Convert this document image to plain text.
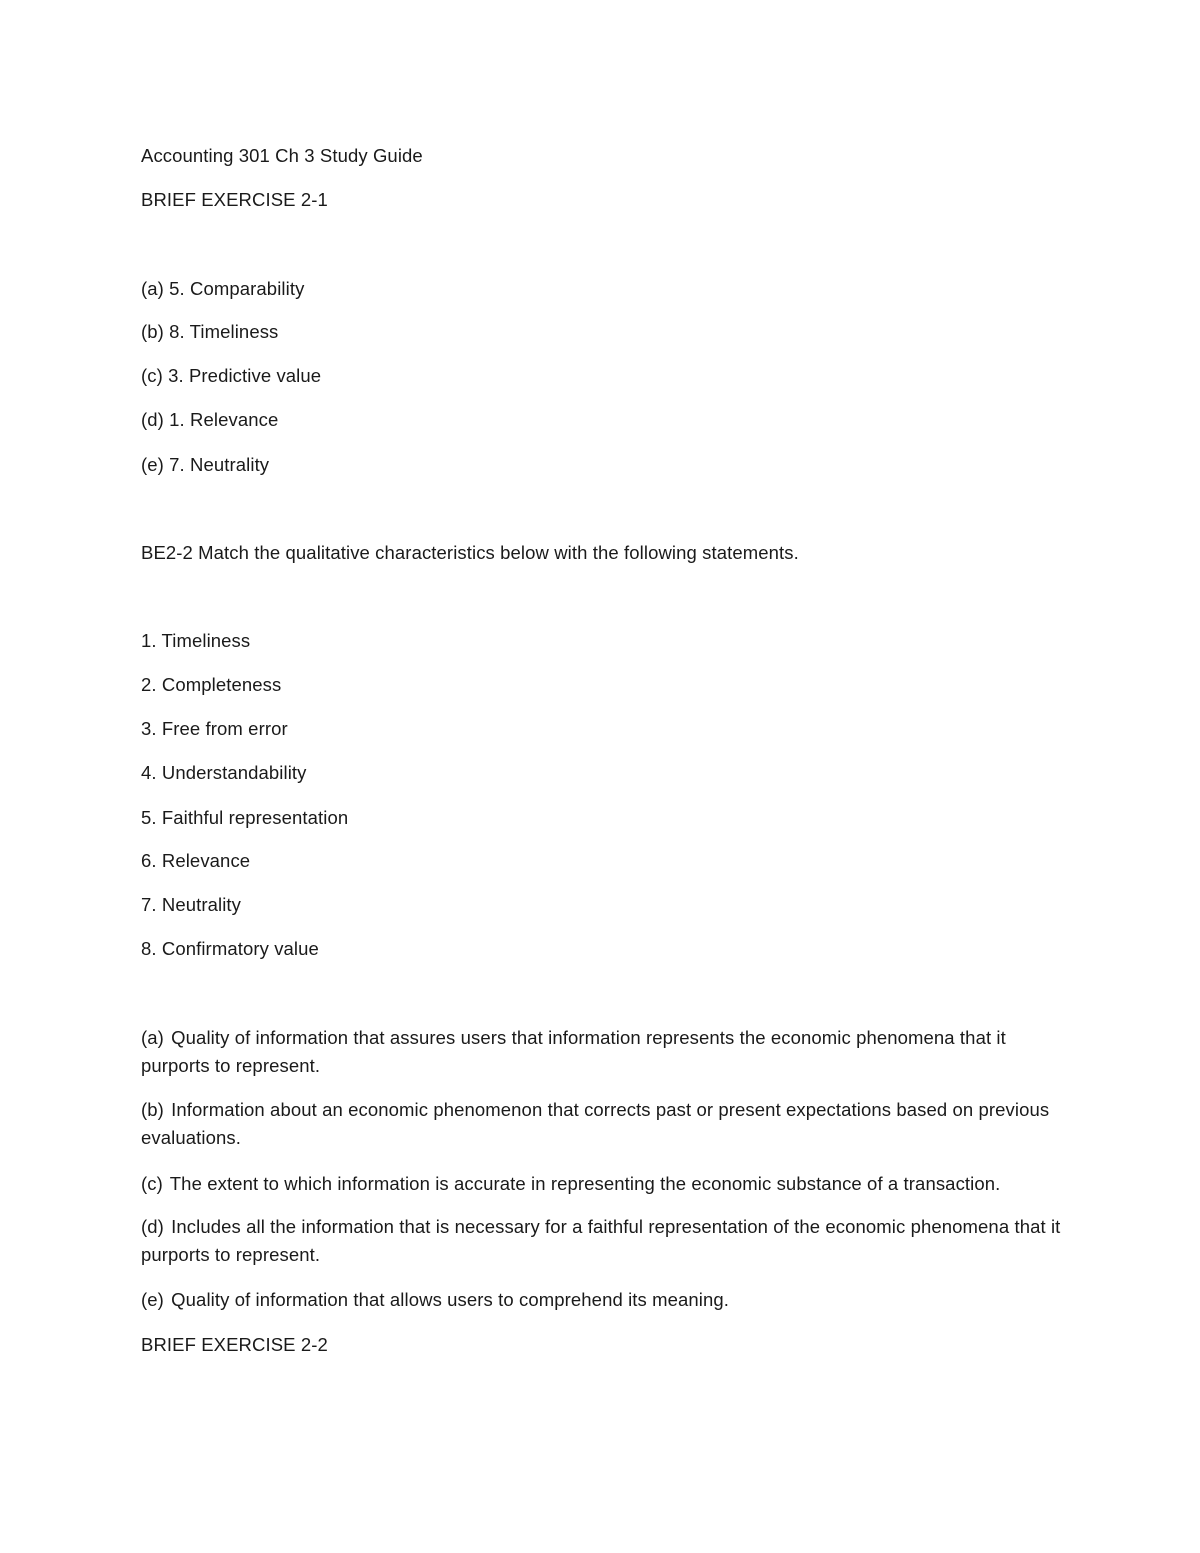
Accounting 301 Ch 3 Study Guide
BRIEF EXERCISE 2-1
(a) 5. Comparability
(b) 8. Timeliness
(c) 3. Predictive value
(d) 1. Relevance
(e) 7. Neutrality
BE2-2 Match the qualitative characteristics below with the following statements.
1. Timeliness
2. Completeness
3. Free from error
4. Understandability
5. Faithful representation
6. Relevance
7. Neutrality
8. Confirmatory value
(a) Quality of information that assures users that information represents the economic phenomena that it purports to represent.
(b) Information about an economic phenomenon that corrects past or present expectations based on previous evaluations.
(c) The extent to which information is accurate in representing the economic substance of a transaction.
(d) Includes all the information that is necessary for a faithful representation of the economic phenomena that it purports to represent.
(e) Quality of information that allows users to comprehend its meaning.
BRIEF EXERCISE 2-2
